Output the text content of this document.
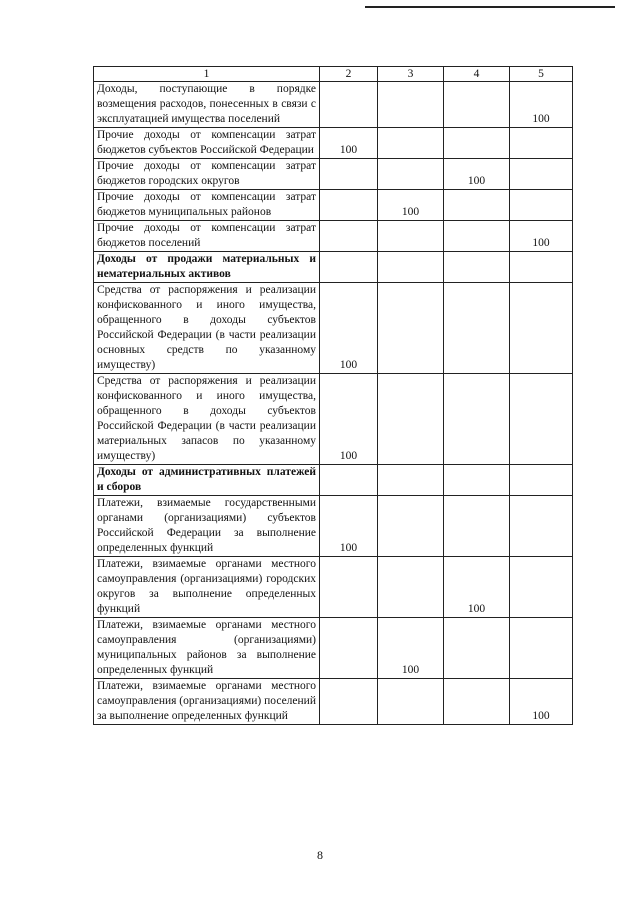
1	2	3	4	5
Доходы, поступающие в порядке возмещения расходов, понесенных в связи с эксплуатацией имущества поселений				100
Прочие доходы от компенсации затрат бюджетов субъектов Российской Федерации	100			
Прочие доходы от компенсации затрат бюджетов городских округов			100	
Прочие доходы от компенсации затрат бюджетов муниципальных районов		100		
Прочие доходы от компенсации затрат бюджетов поселений				100
Доходы от продажи материальных и нематериальных активов				
Средства от распоряжения и реализации конфискованного и иного имущества, обращенного в доходы субъектов Российской Федерации (в части реализации основных средств по указанному имуществу)	100			
Средства от распоряжения и реализации конфискованного и иного имущества, обращенного в доходы субъектов Российской Федерации (в части реализации материальных запасов по указанному имуществу)	100			
Доходы от административных платежей и сборов				
Платежи, взимаемые государственными органами (организациями) субъектов Российской Федерации за выполнение определенных функций	100			
Платежи, взимаемые органами местного самоуправления (организациями) городских округов за выполнение определенных функций			100	
Платежи, взимаемые органами местного самоуправления (организациями) муниципальных районов за выполнение определенных функций		100		
Платежи, взимаемые органами местного самоуправления (организациями) поселений за выполнение определенных функций				100
8
